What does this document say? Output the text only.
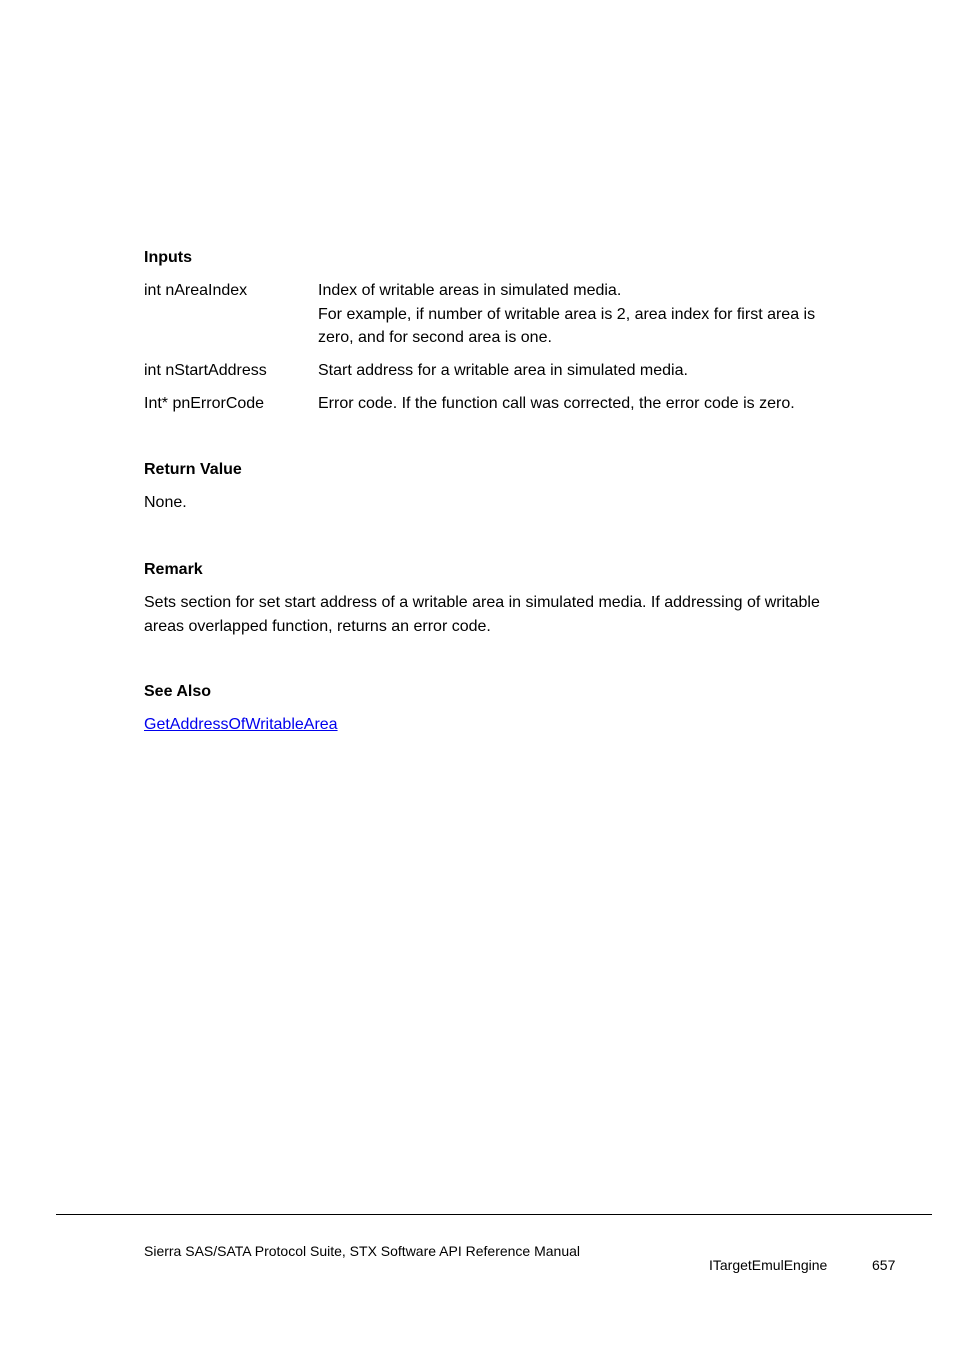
Inputs
int nAreaIndex	Index of writable areas in simulated media.
For example, if number of writable area is 2, area index for first area is
zero, and for second area is one.
int nStartAddress	Start address for a writable area in simulated media.
Int* pnErrorCode	Error code. If the function call was corrected, the error code is zero.
Return Value
None.
Remark
Sets section for set start address of a writable area in simulated media. If addressing of writable
areas overlapped function, returns an error code.
See Also
GetAddressOfWritableArea
Sierra SAS/SATA Protocol Suite, STX Software API Reference Manual
ITargetEmulEngine	657
